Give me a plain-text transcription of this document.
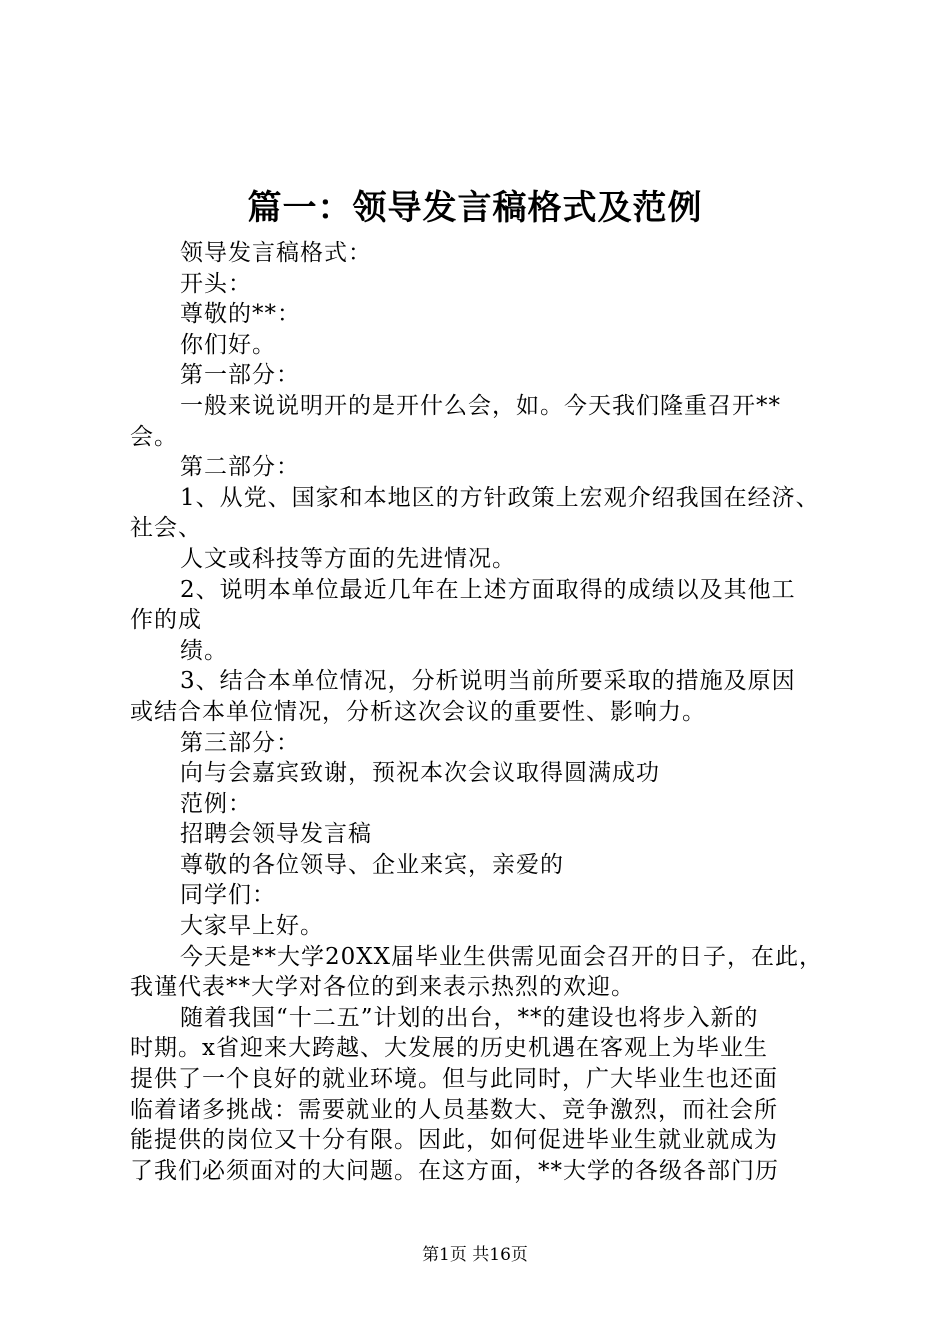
篇一：领导发言稿格式及范例
领导发言稿格式：
开头：
尊敬的**：
你们好。
第一部分：
一般来说说明开的是开什么会，如。今天我们隆重召开**
会。
第二部分：
1、从党、国家和本地区的方针政策上宏观介绍我国在经济、
社会、
人文或科技等方面的先进情况。
2、说明本单位最近几年在上述方面取得的成绩以及其他工
作的成
绩。
3、结合本单位情况，分析说明当前所要采取的措施及原因
或结合本单位情况，分析这次会议的重要性、影响力。
第三部分：
向与会嘉宾致谢，预祝本次会议取得圆满成功
范例：
招聘会领导发言稿
尊敬的各位领导、企业来宾，亲爱的
同学们：
大家早上好。
今天是**大学20XX届毕业生供需见面会召开的日子，在此，
我谨代表**大学对各位的到来表示热烈的欢迎。
随着我国“十二五”计划的出台，**的建设也将步入新的
时期。x省迎来大跨越、大发展的历史机遇在客观上为毕业生
提供了一个良好的就业环境。但与此同时，广大毕业生也还面
临着诸多挑战：需要就业的人员基数大、竞争激烈，而社会所
能提供的岗位又十分有限。因此，如何促进毕业生就业就成为
了我们必须面对的大问题。在这方面，**大学的各级各部门历
第1页 共16页
